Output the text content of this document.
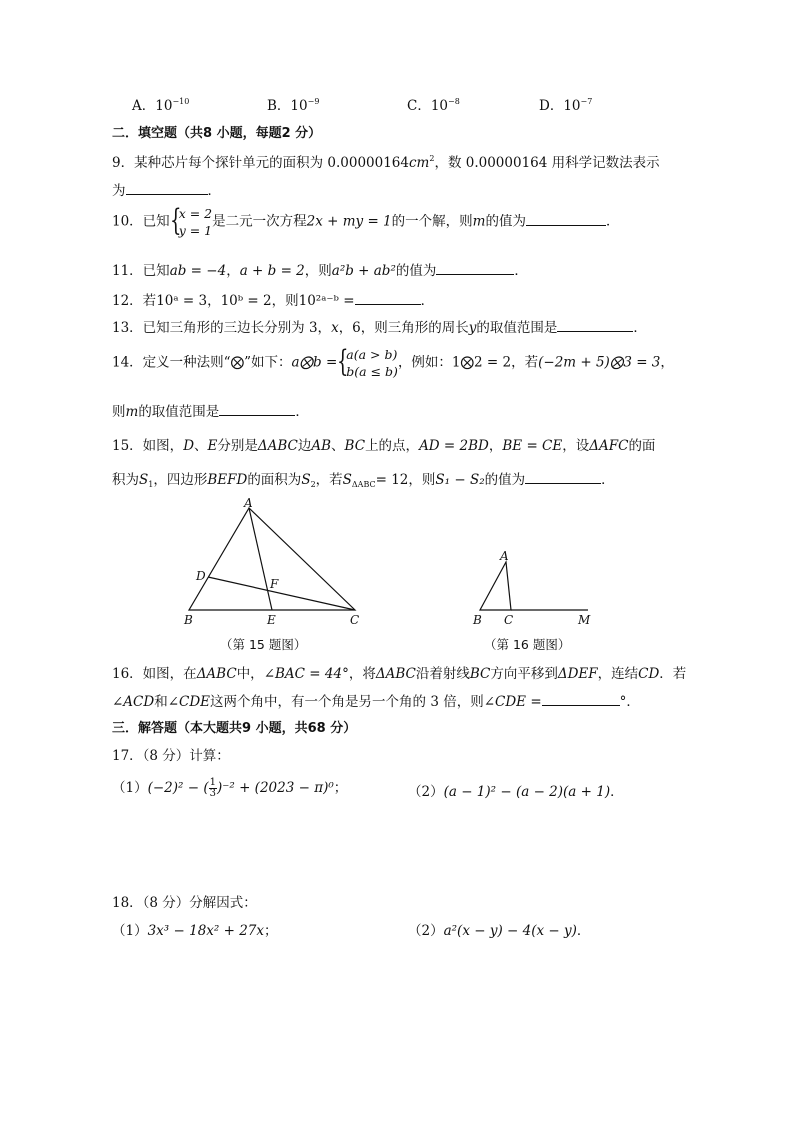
A．$10^{-10}$	B．$10^{-9}$	C．$10^{-8}$	D．$10^{-7}$
二．填空题（共8 小题，每题2 分）
9．某种芯片每个探针单元的面积为 $0.00000164cm^2$，数 0.00000164 用科学记数法表示
为	．
10．已知 {
x = 2
y = 1
是二元一次方程2x + my = 1的一个解，则m的值为	．
11．已知ab = −4，a + b = 2，则a²b + ab²的值为	．
12．若10ᵃ = 3，10ᵇ = 2，则10²ᵃ⁻ᵇ =	．
13．已知三角形的三边长分别为 3，x，6，则三角形的周长y的取值范围是	．
14．定义一种法则“⨂”如下：a⨂b = {
a(a > b)
b(a ≤ b)
，例如：1⨂2 = 2，若(−2m + 5)⨂3 = 3，
则m的取值范围是	．
15．如图，D、E分别是ΔABC边AB、BC上的点，AD = 2BD，BE = CE，设ΔAFC的面
积为$S_1$，四边形BEFD的面积为$S_2$，若$S_{\Delta ABC}= 12$，则S₁ − S₂的值为	．
A
B	C
D
E
F
（第 15 题图）
A
B C	M
（第 16 题图）
16．如图，在ΔABC中，∠BAC = 44°，将ΔABC沿着射线BC方向平移到ΔDEF，连结CD．若
∠ACD和∠CDE这两个角中，有一个角是另一个角的 3 倍，则∠CDE =	°．
三．解答题（本大题共9 小题，共68 分）
17．（8 分）计算：
（1）(−2)² − ( $\frac{1}{3} )^{-2} + (2023 - \pi)^0$；	（2）(a − 1)² − (a − 2)(a + 1)．
18．（8 分）分解因式：
（1）3x³ − 18x² + 27x；	（2）a²(x − y) − 4(x − y)．
